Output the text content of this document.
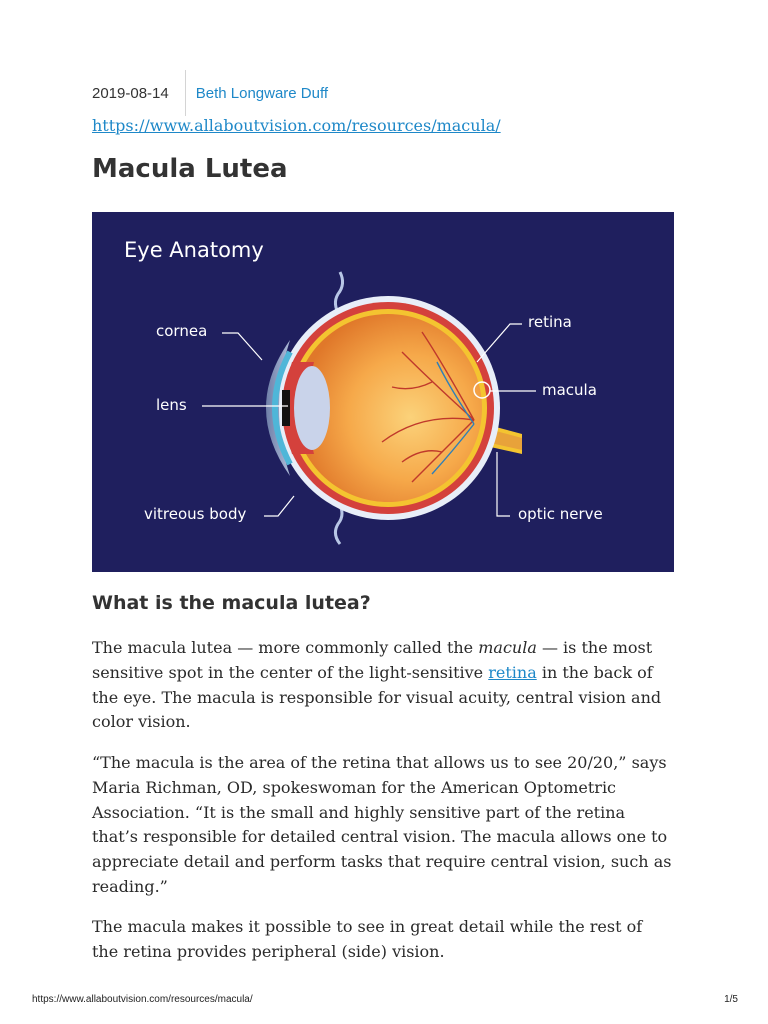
2019-08-14	Beth Longware Duff
https://www.allaboutvision.com/resources/macula/
Macula Lutea
Eye Anatomy
cornea
lens
vitreous body
retina
macula
optic nerve
What is the macula lutea?

The macula lutea — more commonly called the macula — is the most sensitive spot in the center of the light-sensitive retina in the back of the eye. The macula is responsible for visual acuity, central vision and color vision.

“The macula is the area of the retina that allows us to see 20/20,” says Maria Richman, OD, spokeswoman for the American Optometric Association. “It is the small and highly sensitive part of the retina that’s responsible for detailed central vision. The macula allows one to appreciate detail and perform tasks that require central vision, such as reading.”

The macula makes it possible to see in great detail while the rest of the retina provides peripheral (side) vision.

https://www.allaboutvision.com/resources/macula/	1/5
